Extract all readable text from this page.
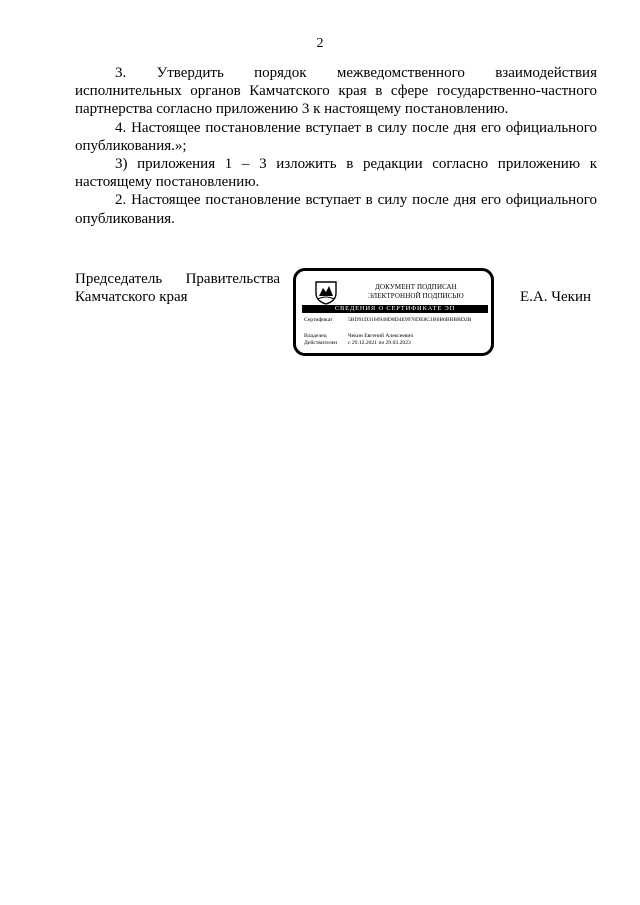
2

3. Утвердить порядок межведомственного взаимодействия исполнительных органов Камчатского края в сфере государственно-частного партнерства согласно приложению 3 к настоящему постановлению.

4. Настоящее постановление вступает в силу после дня его официального опубликования.»;

3) приложения 1 – 3 изложить в редакции согласно приложению к настоящему постановлению.

2. Настоящее постановление вступает в силу после дня его официального опубликования.

Председатель Правительства
Камчатского края
ДОКУМЕНТ ПОДПИСАН
ЭЛЕКТРОННОЙ ПОДПИСЬЮ
СВЕДЕНИЯ О СЕРТИФИКАТЕ ЭП
Сертификат	5BD91D3166948D8D4E9976DE8C1B6B6BBBBD2B
Владелец	Чекин Евгений Алексеевич
Действителен	с 29.12.2021 по 29.03.2023
Е.А. Чекин
